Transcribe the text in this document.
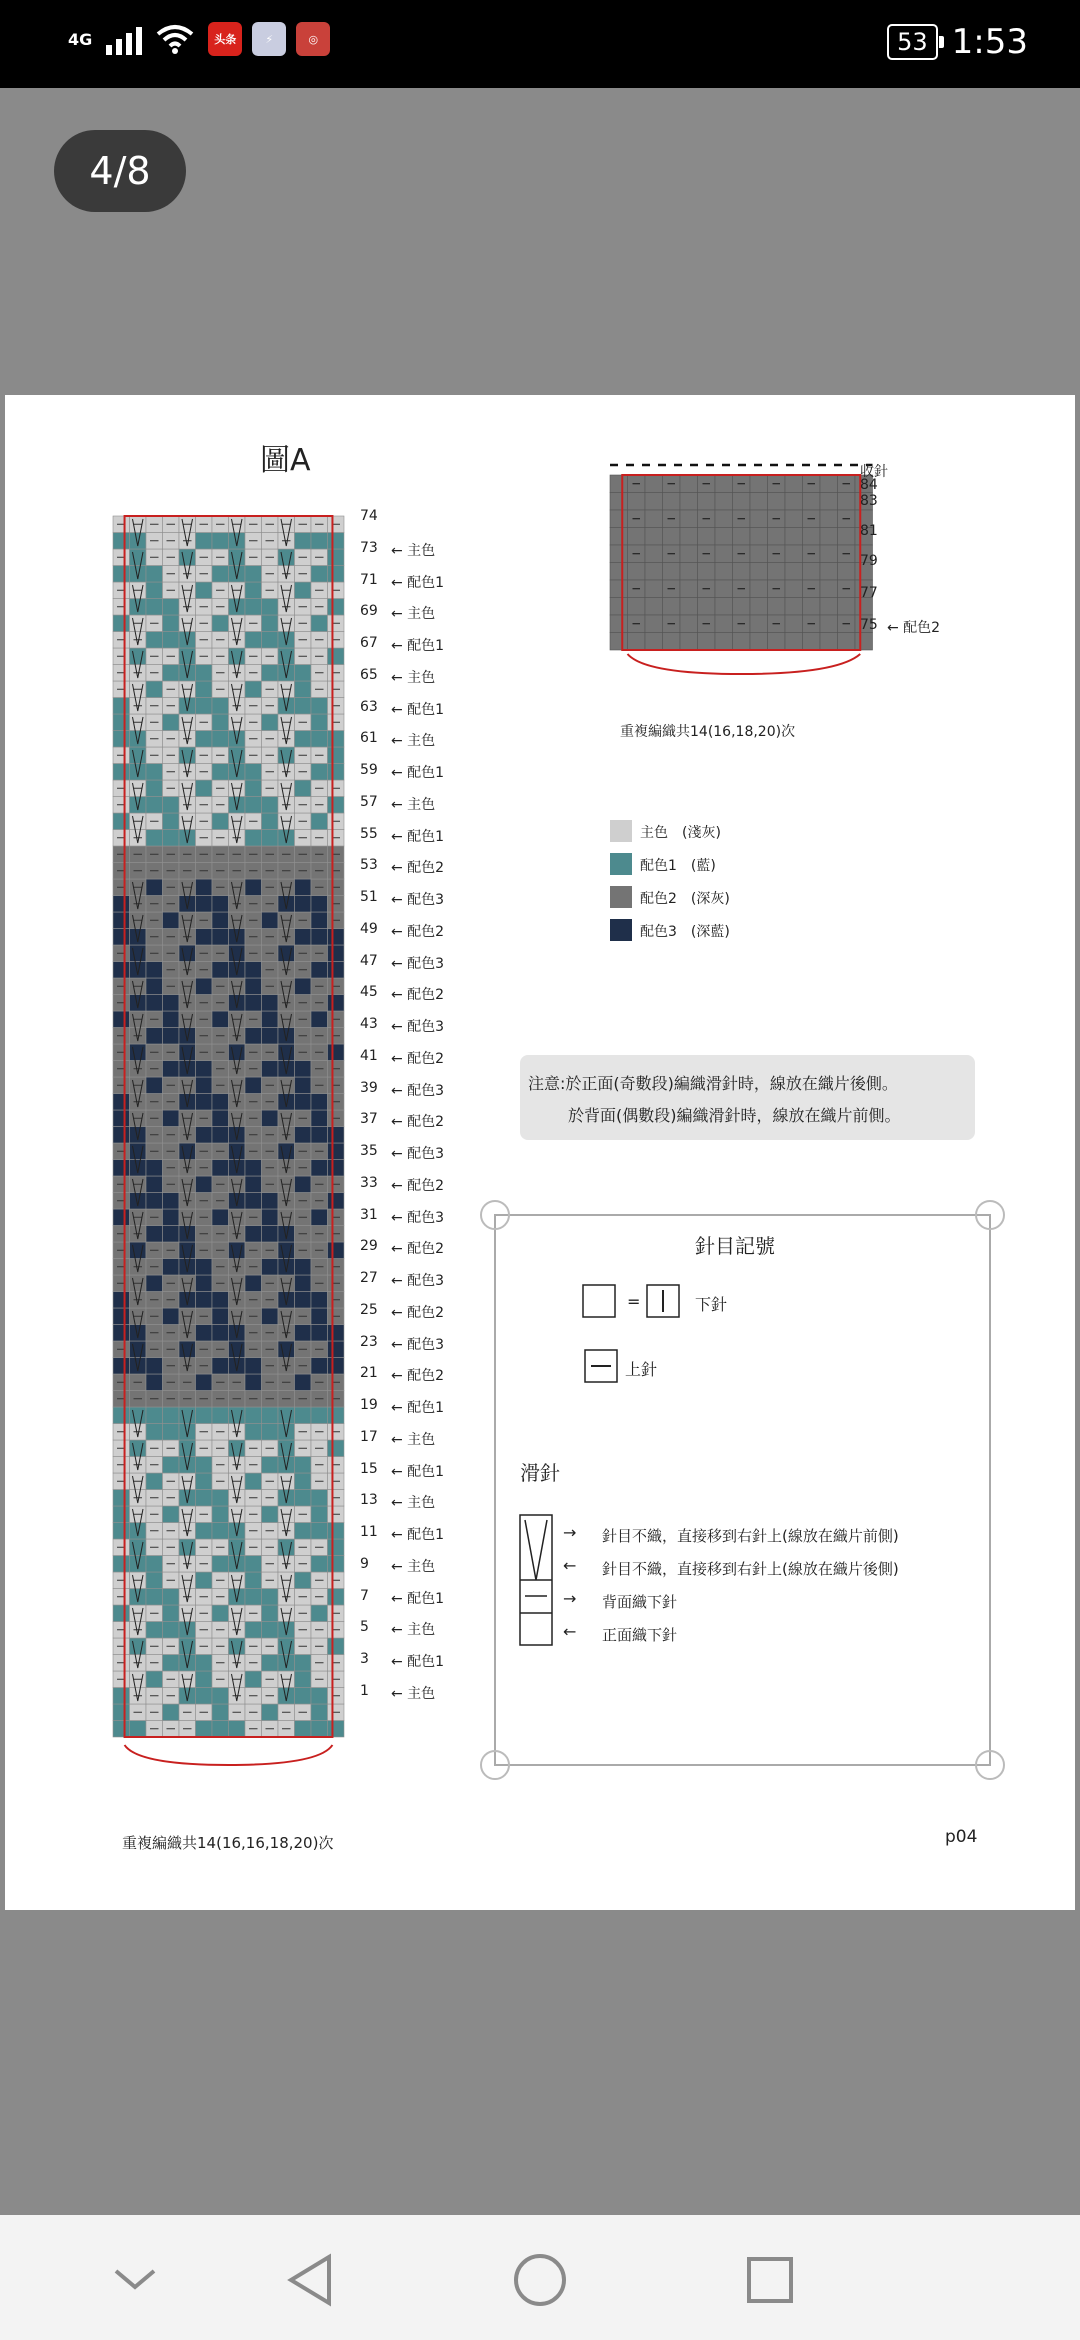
4G	头条	⚡	◎	53 1:53
4/8
圖A
74
73 ← 主色
71 ← 配色1
69 ← 主色
67 ← 配色1
65 ← 主色
63 ← 配色1
61 ← 主色
59 ← 配色1
57 ← 主色
55 ← 配色1
53 ← 配色2
51 ← 配色3
49 ← 配色2
47 ← 配色3
45 ← 配色2
43 ← 配色3
41 ← 配色2
39 ← 配色3
37 ← 配色2
35 ← 配色3
33 ← 配色2
31 ← 配色3
29 ← 配色2
27 ← 配色3
25 ← 配色2
23 ← 配色3
21 ← 配色2
19 ← 配色1
17 ← 主色
15 ← 配色1
13 ← 主色
11 ← 配色1
9 ← 主色
7 ← 配色1
5 ← 主色
3 ← 配色1
1 ← 主色
重複編織共14(16,16,18,20)次
收針
84
83
81
79
77
75 ← 配色2
重複編織共14(16,18,20)次
主色　(淺灰)
配色1　(藍)
配色2　(深灰)
配色3　(深藍)
注意:於正面(奇數段)編織滑針時，線放在織片後側。
於背面(偶數段)編織滑針時，線放在織片前側。
針目記號
=	下針
上針
滑針
→ 針目不織，直接移到右針上(線放在織片前側)
← 針目不織，直接移到右針上(線放在織片後側)
→ 背面織下針
← 正面織下針
p04
